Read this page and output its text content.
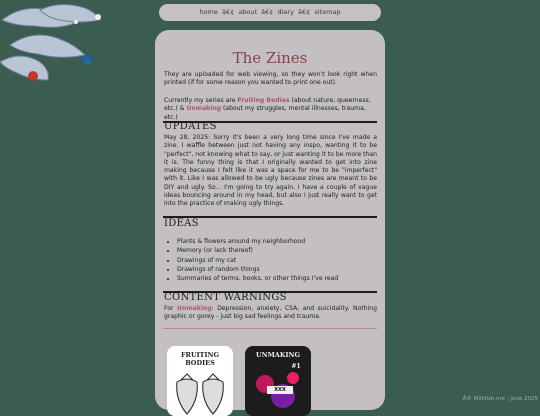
home â€¢ about â€¢ diary â€¢ sitemap
The Zines
They are uploaded for web viewing, so they won't look right when printed (if for some reason you wanted to print one out).
Currently my series are Fruiting Bodies (about nature, queerness, etc.) & Unmaking (about my struggles, mental illnesses, trauma, etc.)
UPDATES
May 28, 2025: Sorry it's been a very long time since I've made a zine. I waffle between just not having any inspo, wanting it to be "perfect", not knowing what to say, or just wanting it to be more than it is. The funny thing is that I originally wanted to get into zine making because I felt like it was a space for me to be "imperfect" with it. Like I was allowed to be ugly because zines are meant to be DIY and ugly. So... I'm going to try again. I have a couple of vague ideas bouncing around in my head, but also I just really want to get into the practice of making ugly things.
IDEAS
• Plants & flowers around my neighborhood
• Memory (or lack thereof)
• Drawings of my cat
• Drawings of random things
• Summaries of terms, books, or other things I've read
CONTENT WARNINGS
For Unmaking: Depression, anxiety, CSA, and suicidality. Nothing graphic or gorey - just big sad feelings and trauma.
FRUITING BODIES
UNMAKING
#1
XXX
Â© Milkfish.me : June 2025
